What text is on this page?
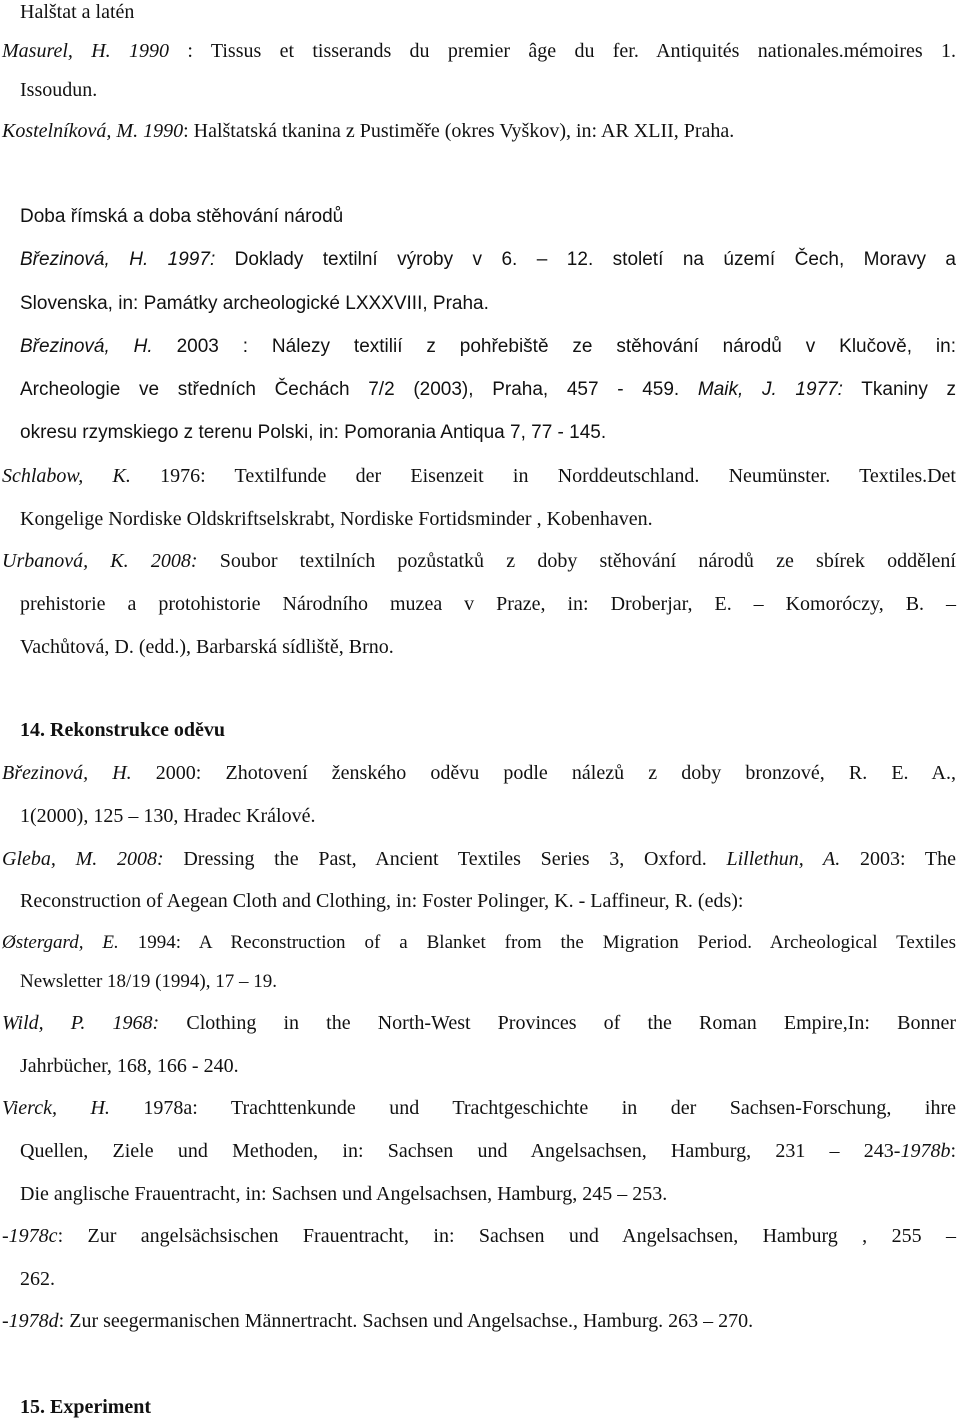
Halštat a latén

Masurel, H. 1990 : Tissus et tisserands du premier âge du fer. Antiquités nationales.mémoires 1.

Issoudun.

Kostelníková, M. 1990: Halštatská tkanina z Pustiměře (okres Vyškov), in: AR XLII, Praha.

Doba římská a doba stěhování národů

Březinová, H. 1997: Doklady textilní výroby v 6. – 12. století na území Čech, Moravy a

Slovenska, in: Památky archeologické LXXXVIII, Praha.

Březinová, H. 2003 : Nálezy textilií z pohřebiště ze stěhování národů v Klučově, in:

Archeologie ve středních Čechách 7/2 (2003), Praha, 457 - 459. Maik, J. 1977: Tkaniny z

okresu rzymskiego z terenu Polski, in: Pomorania Antiqua 7, 77 - 145.

Schlabow, K. 1976: Textilfunde der Eisenzeit in Norddeutschland. Neumünster. Textiles.Det

Kongelige Nordiske Oldskriftselskrabt, Nordiske Fortidsminder , Kobenhaven.

Urbanová, K. 2008: Soubor textilních pozůstatků z doby stěhování národů ze sbírek oddělení

prehistorie a protohistorie Národního muzea v Praze, in: Droberjar, E. – Komoróczy, B. –

Vachůtová, D. (edd.), Barbarská sídliště, Brno.

14. Rekonstrukce oděvu

Březinová, H. 2000: Zhotovení ženského oděvu podle nálezů z doby bronzové, R. E. A.,

1(2000), 125 – 130, Hradec Králové.

Gleba, M. 2008: Dressing the Past, Ancient Textiles Series 3, Oxford. Lillethun, A. 2003: The

Reconstruction of Aegean Cloth and Clothing, in: Foster Polinger, K. - Laffineur, R. (eds):

Østergard, E. 1994: A Reconstruction of a Blanket from the Migration Period. Archeological Textiles

Newsletter 18/19 (1994), 17 – 19.

Wild, P. 1968: Clothing in the North-West Provinces of the Roman Empire,In: Bonner

Jahrbücher, 168, 166 - 240.

Vierck, H. 1978a: Trachttenkunde und Trachtgeschichte in der Sachsen-Forschung, ihre

Quellen, Ziele und Methoden, in: Sachsen und Angelsachsen, Hamburg, 231 – 243-1978b:

Die anglische Frauentracht, in: Sachsen und Angelsachsen, Hamburg, 245 – 253.

-1978c: Zur angelsächsischen Frauentracht, in: Sachsen und Angelsachsen, Hamburg , 255 –

262.

-1978d: Zur seegermanischen Männertracht. Sachsen und Angelsachse., Hamburg. 263 – 270.

15. Experiment
